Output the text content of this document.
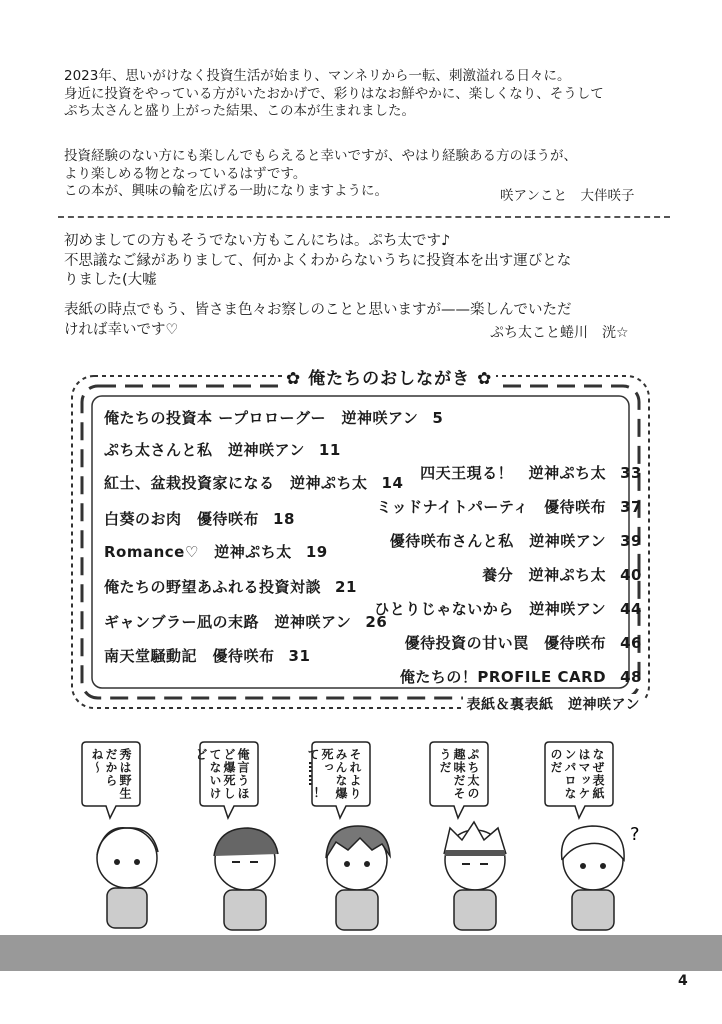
2023年、思いがけなく投資生活が始まり、マンネリから一転、刺激溢れる日々に。
身近に投資をやっている方がいたおかげで、彩りはなお鮮やかに、楽しくなり、そうして
ぷち太さんと盛り上がった結果、この本が生まれました。
投資経験のない方にも楽しんでもらえると幸いですが、やはり経験ある方のほうが、
より楽しめる物となっているはずです。
この本が、興味の輪を広げる一助になりますように。	咲アンこと　大伴咲子
初めましての方もそうでない方もこんにちは。ぷち太です♪
不思議なご縁がありまして、何かよくわからないうちに投資本を出す運びとな
りました(大嘘
表紙の時点でもう、皆さま色々お察しのことと思いますが——楽しんでいただ
ければ幸いです♡	ぷち太こと蜷川　洸☆
✿ 俺たちのおしながき ✿
俺たちの投資本 ープロローグー　逆神咲アン 5
ぷち太さんと私　逆神咲アン 11
紅士、盆栽投資家になる　逆神ぷち太 14
白葵のお肉　優待咲布 18
Romance♡　逆神ぷち太 19
俺たちの野望あふれる投資対談 21
ギャンブラー凪の末路　逆神咲アン 26
南天堂騒動記　優待咲布 31
四天王現る！　逆神ぷち太 33
ミッドナイトパーティ　優待咲布 37
優待咲布さんと私　逆神咲アン 39
養分　逆神ぷち太 40
ひとりじゃないから　逆神咲アン 44
優待投資の甘い罠　優待咲布 46
俺たちの！PROFILE CARD 48
表紙＆裏表紙　逆神咲アン
秀は野生だからね〜	俺言うほど爆死してないけど	それよりみんな爆死って……！	ぷち太の趣味だそうだ	なぜ表紙はマッケンパロなのだ
?
4
